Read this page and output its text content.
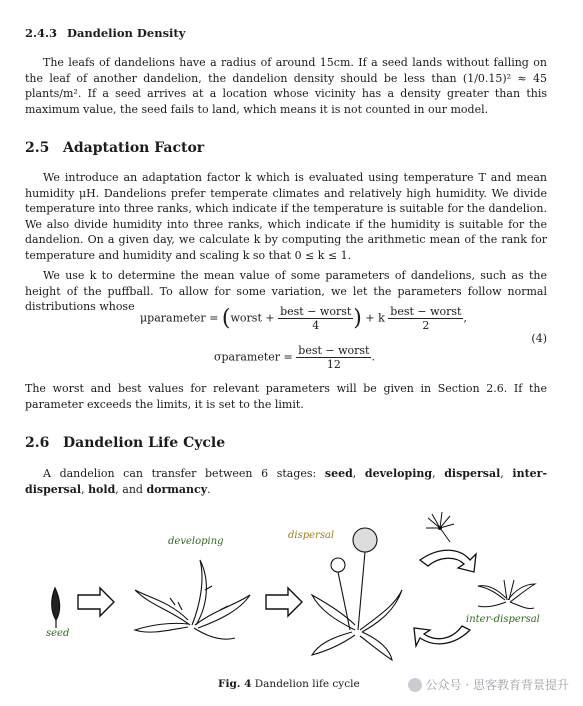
2.4.3 Dandelion Density
The leafs of dandelions have a radius of around 15cm. If a seed lands without falling on the leaf of another dandelion, the dandelion density should be less than (1/0.15)² ≈ 45 plants/m². If a seed arrives at a location whose vicinity has a density greater than this maximum value, the seed fails to land, which means it is not counted in our model.
2.5 Adaptation Factor
We introduce an adaptation factor k which is evaluated using temperature T and mean humidity μH. Dandelions prefer temperate climates and relatively high humidity. We divide temperature into three ranks, which indicate if the temperature is suitable for the dandelion. We also divide humidity into three ranks, which indicate if the humidity is suitable for the dandelion. On a given day, we calculate k by computing the arithmetic mean of the rank for temperature and humidity and scaling k so that 0 ≤ k ≤ 1.
We use k to determine the mean value of some parameters of dandelions, such as the height of the puffball. To allow for some variation, we let the parameters follow normal distributions whose
μparameter = (worst + $\frac{\text{best − worst}}{4}$ ) + k $\frac{\text{best − worst}}{2}$ ,
σparameter = $\frac{\text{best − worst}}{12}$ .
(4)
The worst and best values for relevant parameters will be given in Section 2.6. If the parameter exceeds the limits, it is set to the limit.
2.6 Dandelion Life Cycle
A dandelion can transfer between 6 stages: seed, developing, dispersal, inter-dispersal, hold, and dormancy.
seed
developing
dispersal
inter-dispersal
Fig. 4 Dandelion life cycle	公众号 · 思客教育背景提升
